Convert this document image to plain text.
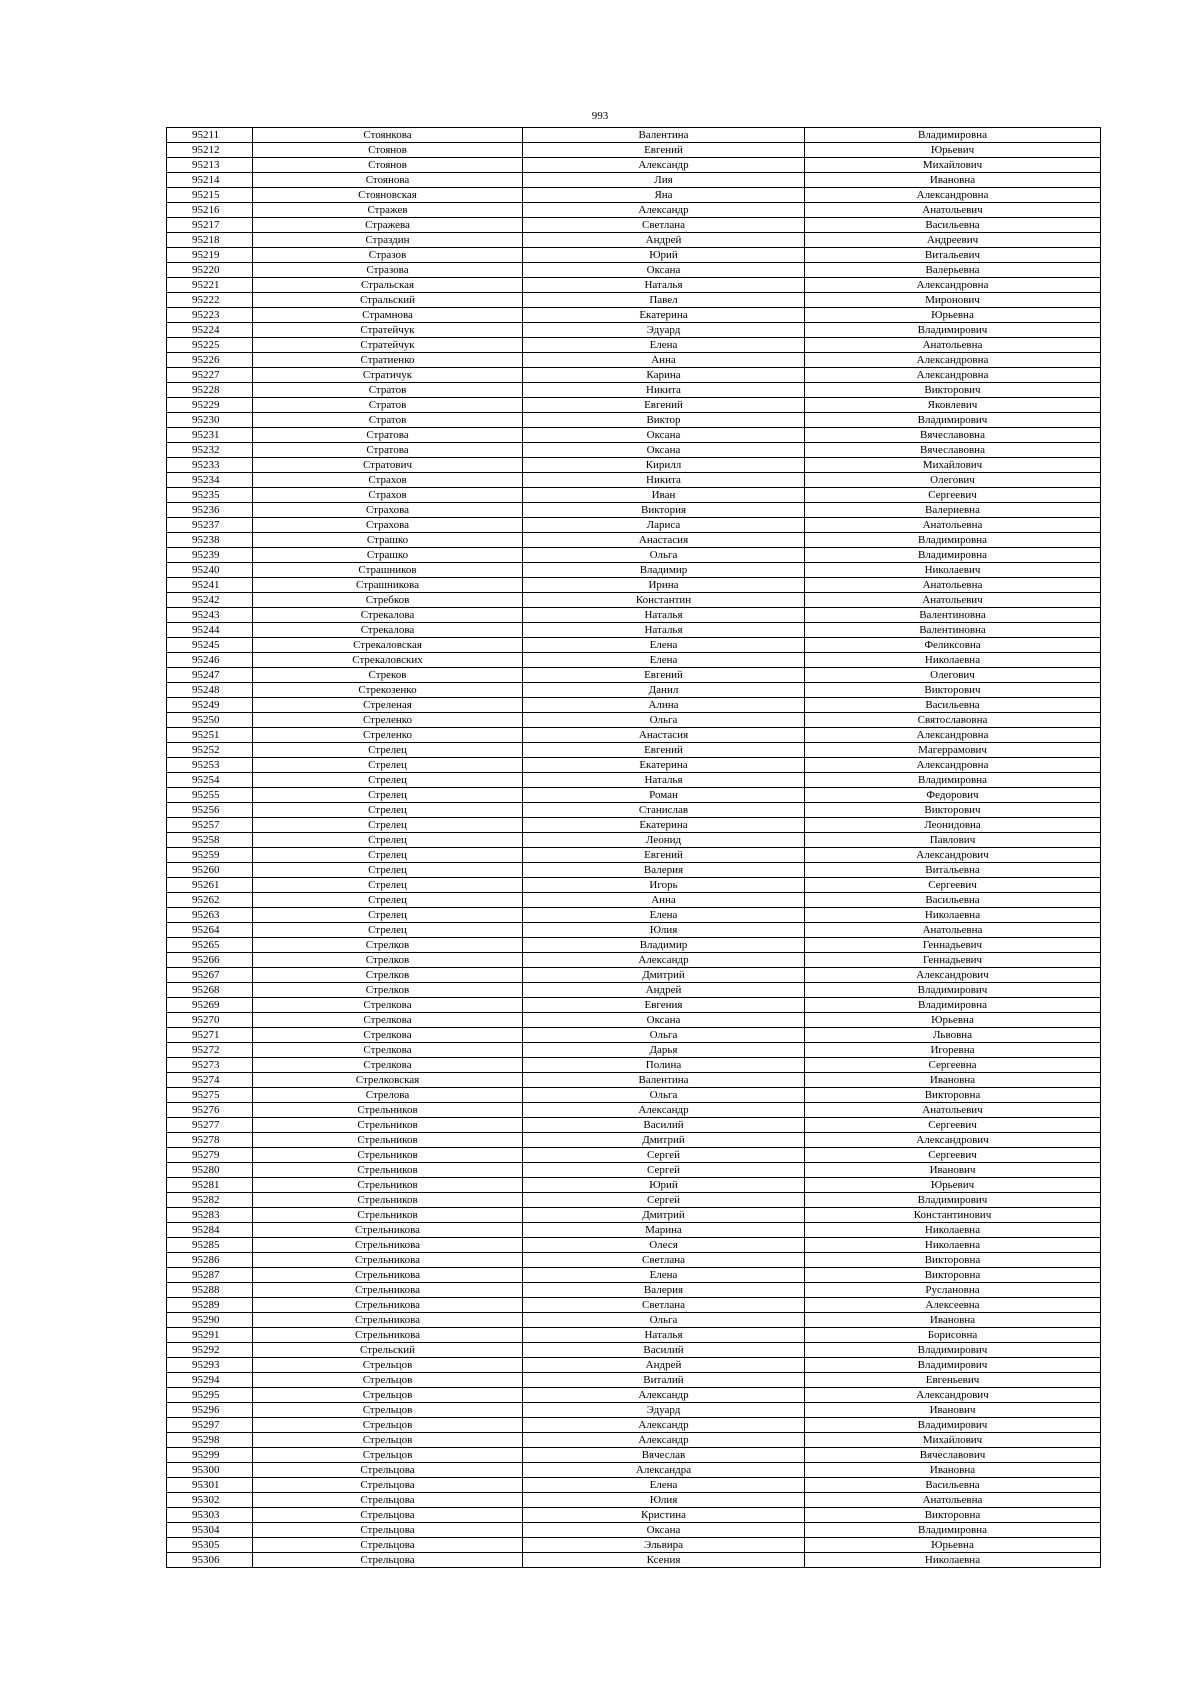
993
95211	Стоянкова	Валентина	Владимировна
95212	Стоянов	Евгений	Юрьевич
95213	Стоянов	Александр	Михайлович
95214	Стоянова	Лия	Ивановна
95215	Стояновская	Яна	Александровна
95216	Стражев	Александр	Анатольевич
95217	Стражева	Светлана	Васильевна
95218	Страздин	Андрей	Андреевич
95219	Стразов	Юрий	Витальевич
95220	Стразова	Оксана	Валерьевна
95221	Стральская	Наталья	Александровна
95222	Стральский	Павел	Миронович
95223	Страмнова	Екатерина	Юрьевна
95224	Стратейчук	Эдуард	Владимирович
95225	Стратейчук	Елена	Анатольевна
95226	Стратиенко	Анна	Александровна
95227	Стратичук	Карина	Александровна
95228	Стратов	Никита	Викторович
95229	Стратов	Евгений	Яковлевич
95230	Стратов	Виктор	Владимирович
95231	Стратова	Оксана	Вячеславовна
95232	Стратова	Оксана	Вячеславовна
95233	Стратович	Кирилл	Михайлович
95234	Страхов	Никита	Олегович
95235	Страхов	Иван	Сергеевич
95236	Страхова	Виктория	Валериевна
95237	Страхова	Лариса	Анатольевна
95238	Страшко	Анастасия	Владимировна
95239	Страшко	Ольга	Владимировна
95240	Страшников	Владимир	Николаевич
95241	Страшникова	Ирина	Анатольевна
95242	Стребков	Константин	Анатольевич
95243	Стрекалова	Наталья	Валентиновна
95244	Стрекалова	Наталья	Валентиновна
95245	Стрекаловская	Елена	Феликсовна
95246	Стрекаловских	Елена	Николаевна
95247	Стреков	Евгений	Олегович
95248	Стрекозенко	Данил	Викторович
95249	Стреленая	Алина	Васильевна
95250	Стреленко	Ольга	Святославовна
95251	Стреленко	Анастасия	Александровна
95252	Стрелец	Евгений	Магеррамович
95253	Стрелец	Екатерина	Александровна
95254	Стрелец	Наталья	Владимировна
95255	Стрелец	Роман	Федорович
95256	Стрелец	Станислав	Викторович
95257	Стрелец	Екатерина	Леонидовна
95258	Стрелец	Леонид	Павлович
95259	Стрелец	Евгений	Александрович
95260	Стрелец	Валерия	Витальевна
95261	Стрелец	Игорь	Сергеевич
95262	Стрелец	Анна	Васильевна
95263	Стрелец	Елена	Николаевна
95264	Стрелец	Юлия	Анатольевна
95265	Стрелков	Владимир	Геннадьевич
95266	Стрелков	Александр	Геннадьевич
95267	Стрелков	Дмитрий	Александрович
95268	Стрелков	Андрей	Владимирович
95269	Стрелкова	Евгения	Владимировна
95270	Стрелкова	Оксана	Юрьевна
95271	Стрелкова	Ольга	Львовна
95272	Стрелкова	Дарья	Игоревна
95273	Стрелкова	Полина	Сергеевна
95274	Стрелковская	Валентина	Ивановна
95275	Стрелова	Ольга	Викторовна
95276	Стрельников	Александр	Анатольевич
95277	Стрельников	Василий	Сергеевич
95278	Стрельников	Дмитрий	Александрович
95279	Стрельников	Сергей	Сергеевич
95280	Стрельников	Сергей	Иванович
95281	Стрельников	Юрий	Юрьевич
95282	Стрельников	Сергей	Владимирович
95283	Стрельников	Дмитрий	Константинович
95284	Стрельникова	Марина	Николаевна
95285	Стрельникова	Олеся	Николаевна
95286	Стрельникова	Светлана	Викторовна
95287	Стрельникова	Елена	Викторовна
95288	Стрельникова	Валерия	Руслановна
95289	Стрельникова	Светлана	Алексеевна
95290	Стрельникова	Ольга	Ивановна
95291	Стрельникова	Наталья	Борисовна
95292	Стрельский	Василий	Владимирович
95293	Стрельцов	Андрей	Владимирович
95294	Стрельцов	Виталий	Евгеньевич
95295	Стрельцов	Александр	Александрович
95296	Стрельцов	Эдуард	Иванович
95297	Стрельцов	Александр	Владимирович
95298	Стрельцов	Александр	Михайлович
95299	Стрельцов	Вячеслав	Вячеславович
95300	Стрельцова	Александра	Ивановна
95301	Стрельцова	Елена	Васильевна
95302	Стрельцова	Юлия	Анатольевна
95303	Стрельцова	Кристина	Викторовна
95304	Стрельцова	Оксана	Владимировна
95305	Стрельцова	Эльвира	Юрьевна
95306	Стрельцова	Ксения	Николаевна
